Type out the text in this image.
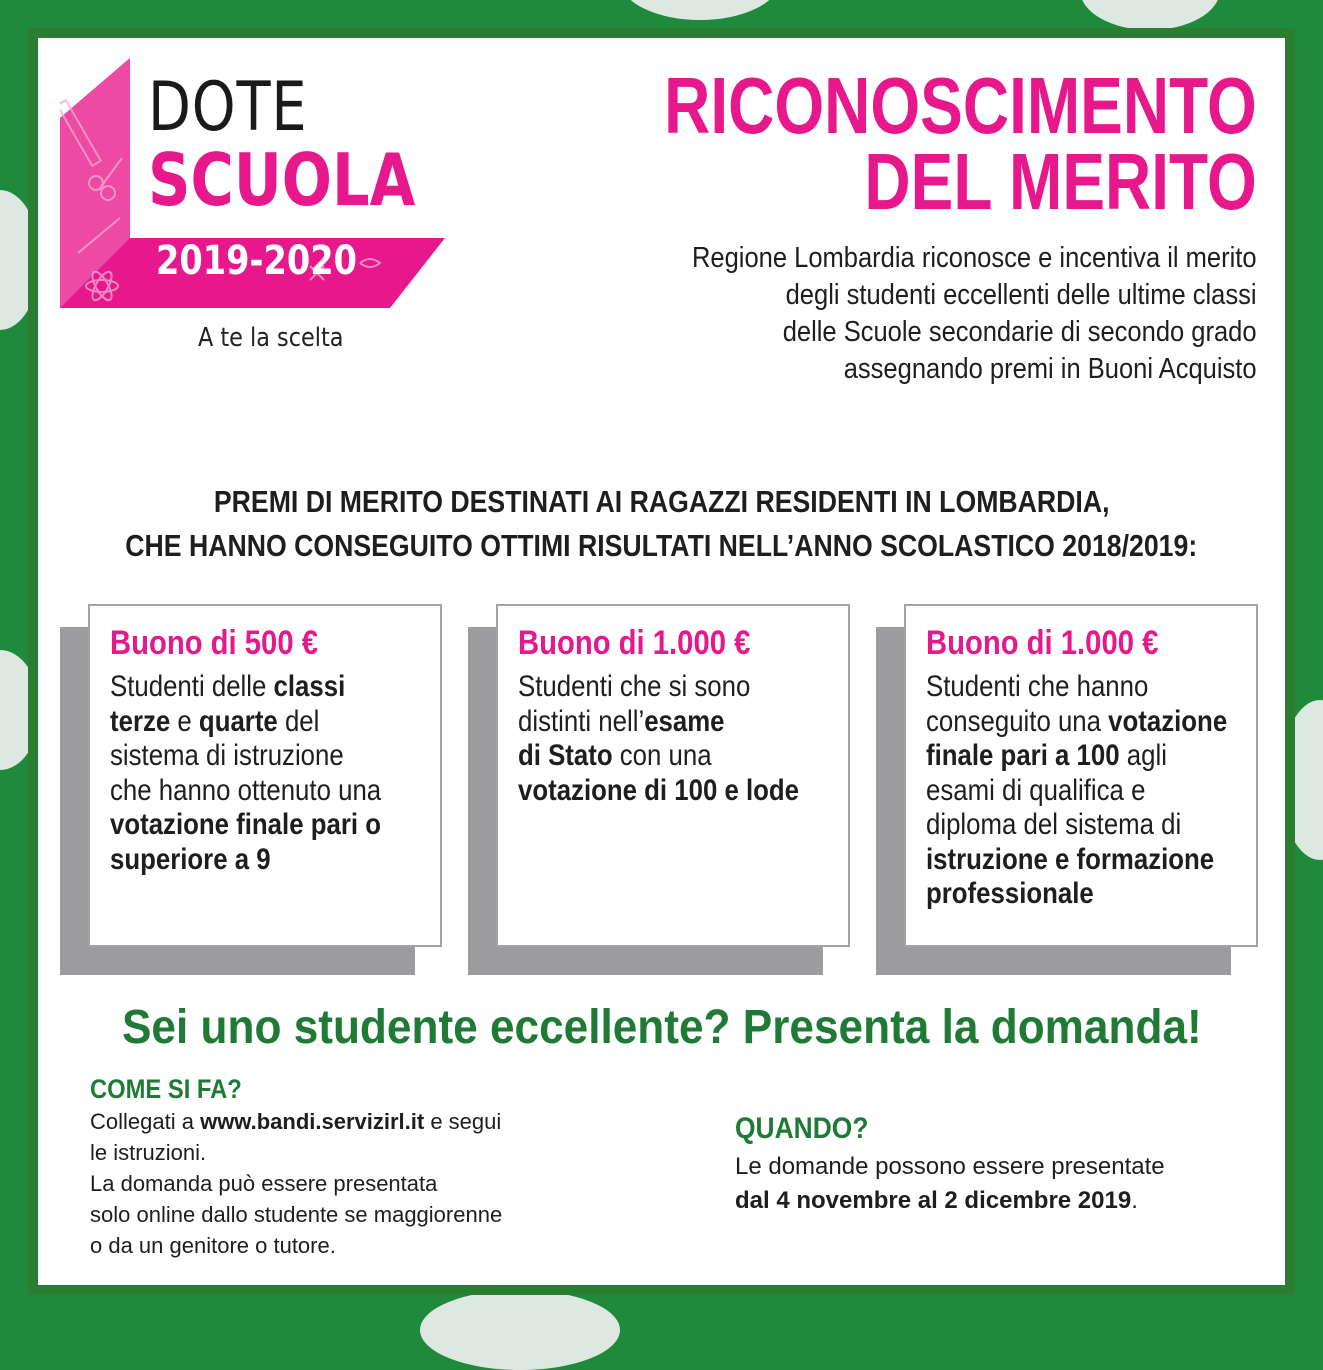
DOTE
SCUOLA
2019-2020
A te la scelta
RICONOSCIMENTO
DEL MERITO
Regione Lombardia riconosce e incentiva il merito
degli studenti eccellenti delle ultime classi
delle Scuole secondarie di secondo grado
assegnando premi in Buoni Acquisto
PREMI DI MERITO DESTINATI AI RAGAZZI RESIDENTI IN LOMBARDIA,
CHE HANNO CONSEGUITO OTTIMI RISULTATI NELL’ANNO SCOLASTICO 2018/2019:
Buono di 500 €
Studenti delle classi
terze e quarte del
sistema di istruzione
che hanno ottenuto una
votazione finale pari o
superiore a 9
Buono di 1.000 €
Studenti che si sono
distinti nell’esame
di Stato con una
votazione di 100 e lode
Buono di 1.000 €
Studenti che hanno
conseguito una votazione
finale pari a 100 agli
esami di qualifica e
diploma del sistema di
istruzione e formazione
professionale
Sei uno studente eccellente? Presenta la domanda!
COME SI FA?
Collegati a www.bandi.servizirl.it e segui
le istruzioni.
La domanda può essere presentata
solo online dallo studente se maggiorenne
o da un genitore o tutore.
QUANDO?
Le domande possono essere presentate
dal 4 novembre al 2 dicembre 2019.
